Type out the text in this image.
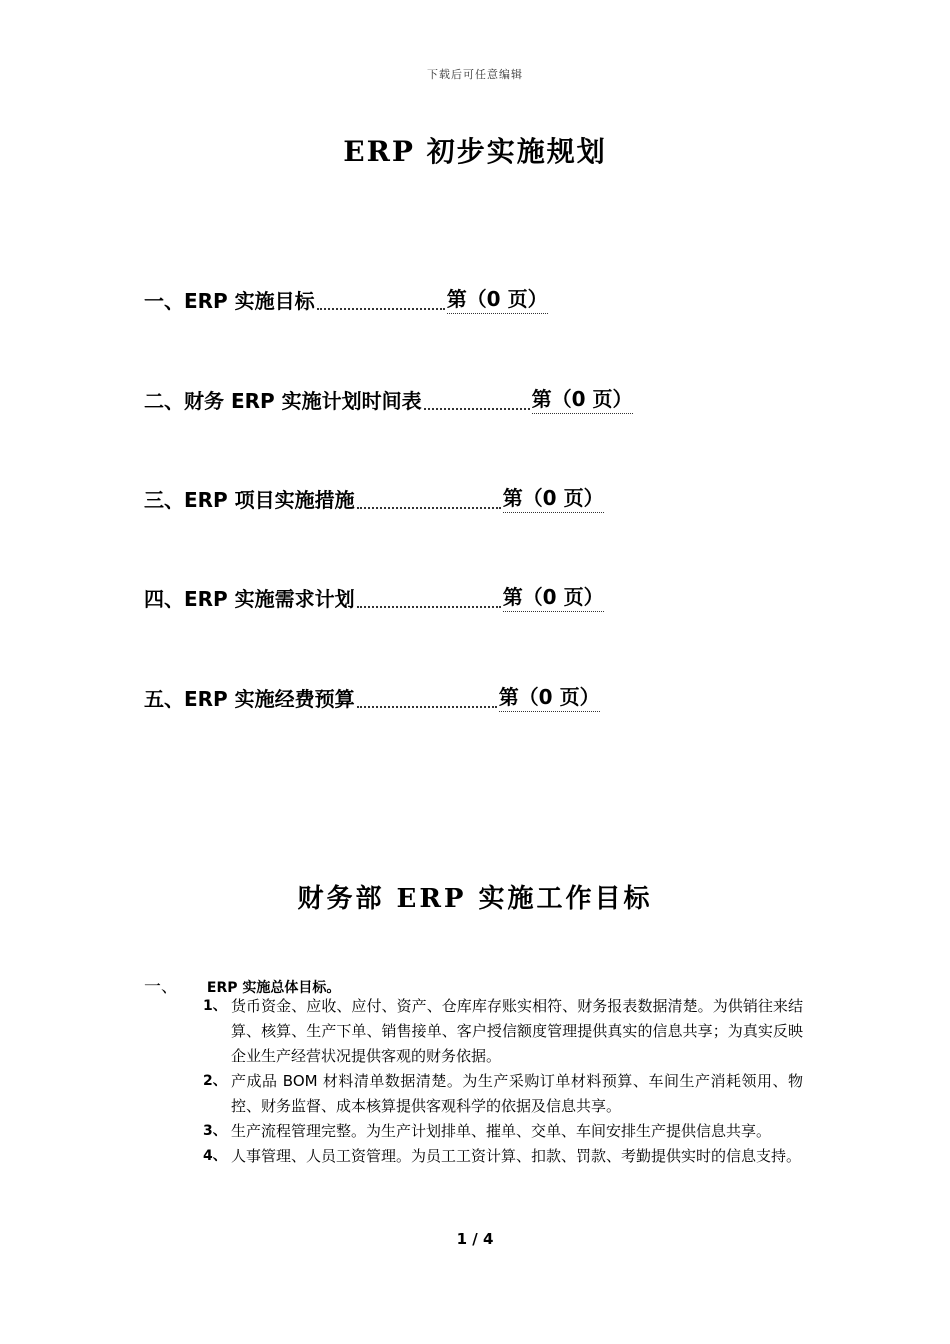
下载后可任意编辑
ERP 初步实施规划
一、ERP 实施目标	第（0 页）
二、财务 ERP 实施计划时间表	第（0 页）
三、ERP 项目实施措施	第（0 页）
四、ERP 实施需求计划	第（0 页）
五、ERP 实施经费预算	第（0 页）
财务部 ERP 实施工作目标
一、 ERP 实施总体目标。
1、 货币资金、应收、应付、资产、仓库库存账实相符、财务报表数据清楚。为供销往来结算、核算、生产下单、销售接单、客户授信额度管理提供真实的信息共享；为真实反映企业生产经营状况提供客观的财务依据。
2、 产成品 BOM 材料清单数据清楚。为生产采购订单材料预算、车间生产消耗领用、物控、财务监督、成本核算提供客观科学的依据及信息共享。
3、 生产流程管理完整。为生产计划排单、摧单、交单、车间安排生产提供信息共享。
4、 人事管理、人员工资管理。为员工工资计算、扣款、罚款、考勤提供实时的信息支持。
1 / 4
